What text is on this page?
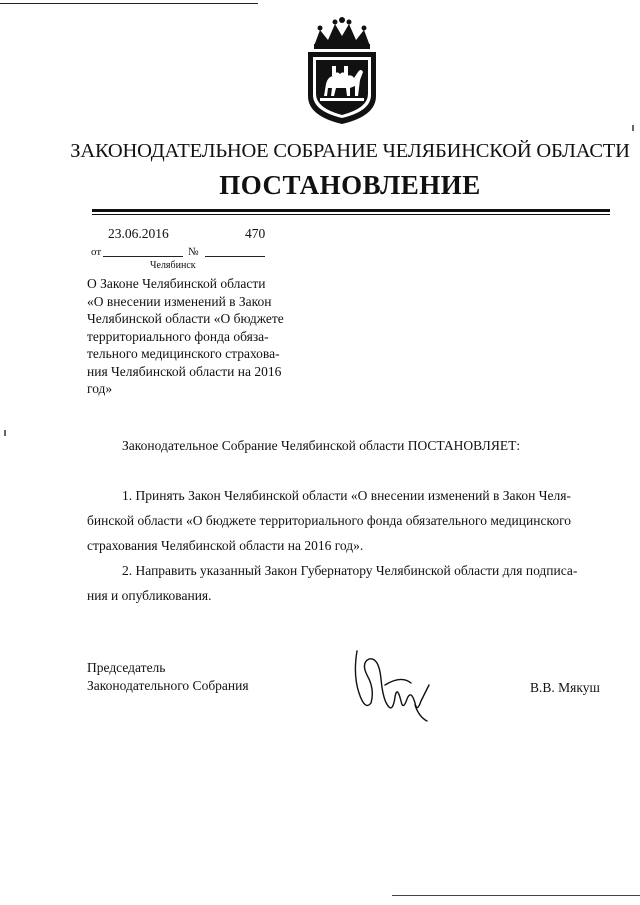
ЗАКОНОДАТЕЛЬНОЕ СОБРАНИЕ ЧЕЛЯБИНСКОЙ ОБЛАСТИ
ПОСТАНОВЛЕНИЕ
23.06.2016	470
от	№
Челябинск
О Законе Челябинской области
«О внесении изменений в Закон
Челябинской области «О бюджете
территориального фонда обяза-
тельного медицинского страхова-
ния Челябинской области на 2016
год»
Законодательное Собрание Челябинской области ПОСТАНОВЛЯЕТ:
1. Принять Закон Челябинской области «О внесении изменений в Закон Челя-
бинской области «О бюджете территориального фонда обязательного медицинского
страхования Челябинской области на 2016 год».
2. Направить указанный Закон Губернатору Челябинской области для подписа-
ния и опубликования.
Председатель
Законодательного Собрания	В.В. Мякуш
